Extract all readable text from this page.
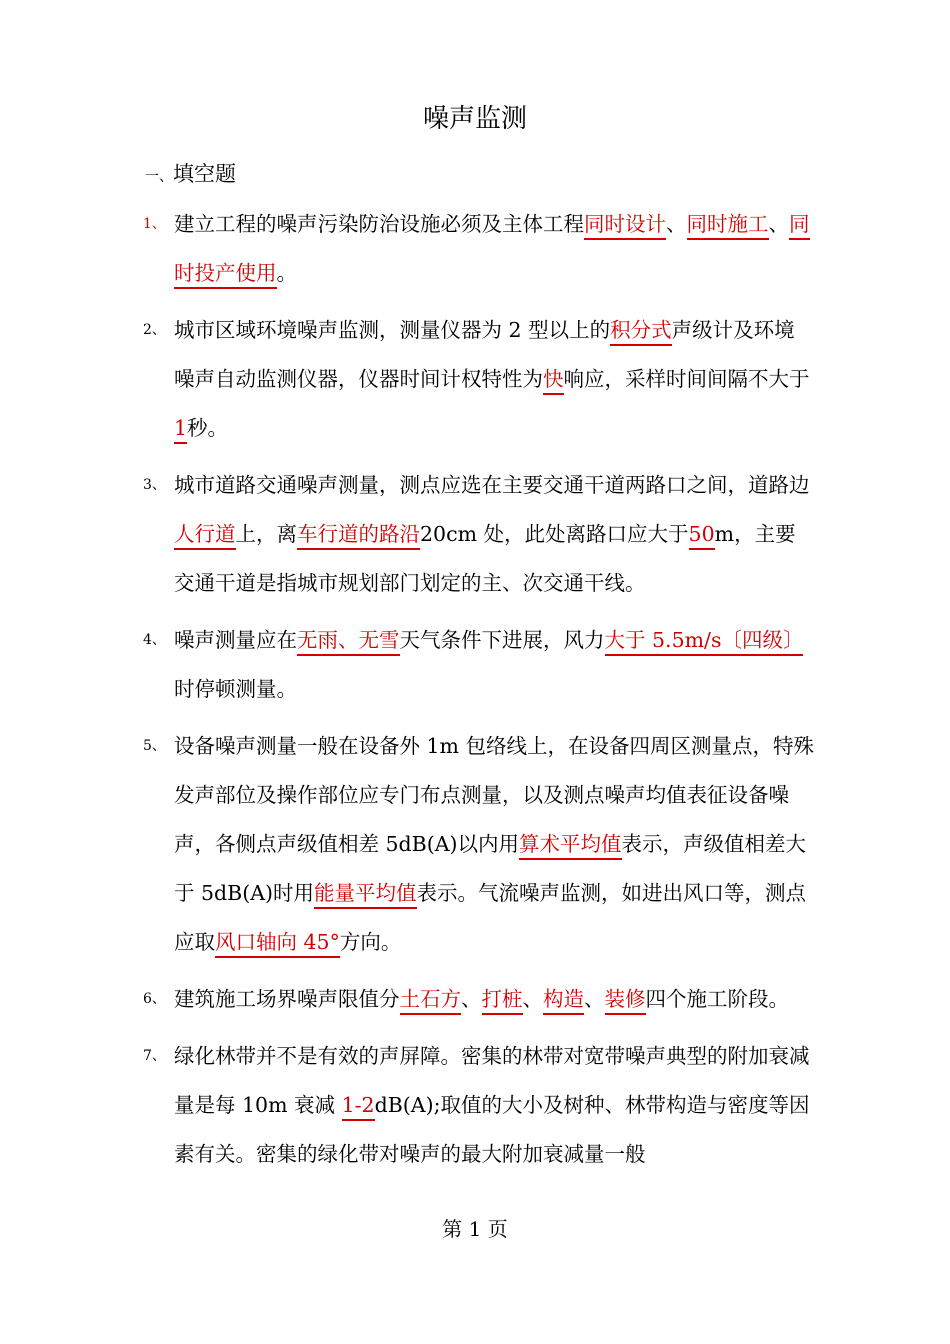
噪声监测
一、填空题
1、 建立工程的噪声污染防治设施必须及主体工程同时设计、同时施工、同时投产使用。
2、 城市区域环境噪声监测，测量仪器为 2 型以上的积分式声级计及环境噪声自动监测仪器，仪器时间计权特性为快响应，采样时间间隔不大于1秒。
3、 城市道路交通噪声测量，测点应选在主要交通干道两路口之间，道路边人行道上，离车行道的路沿20cm 处，此处离路口应大于50m，主要交通干道是指城市规划部门划定的主、次交通干线。
4、 噪声测量应在无雨、无雪天气条件下进展，风力大于 5.5m/s〔四级〕时停顿测量。
5、 设备噪声测量一般在设备外 1m 包络线上，在设备四周区测量点，特殊发声部位及操作部位应专门布点测量，以及测点噪声均值表征设备噪声，各侧点声级值相差 5dB(A)以内用算术平均值表示，声级值相差大于 5dB(A)时用能量平均值表示。气流噪声监测，如进出风口等，测点应取风口轴向 45°方向。
6、 建筑施工场界噪声限值分土石方、打桩、构造、装修四个施工阶段。
7、 绿化林带并不是有效的声屏障。密集的林带对宽带噪声典型的附加衰减量是每 10m 衰减 1-2dB(A);取值的大小及树种、林带构造与密度等因素有关。密集的绿化带对噪声的最大附加衰减量一般
第 1 页
